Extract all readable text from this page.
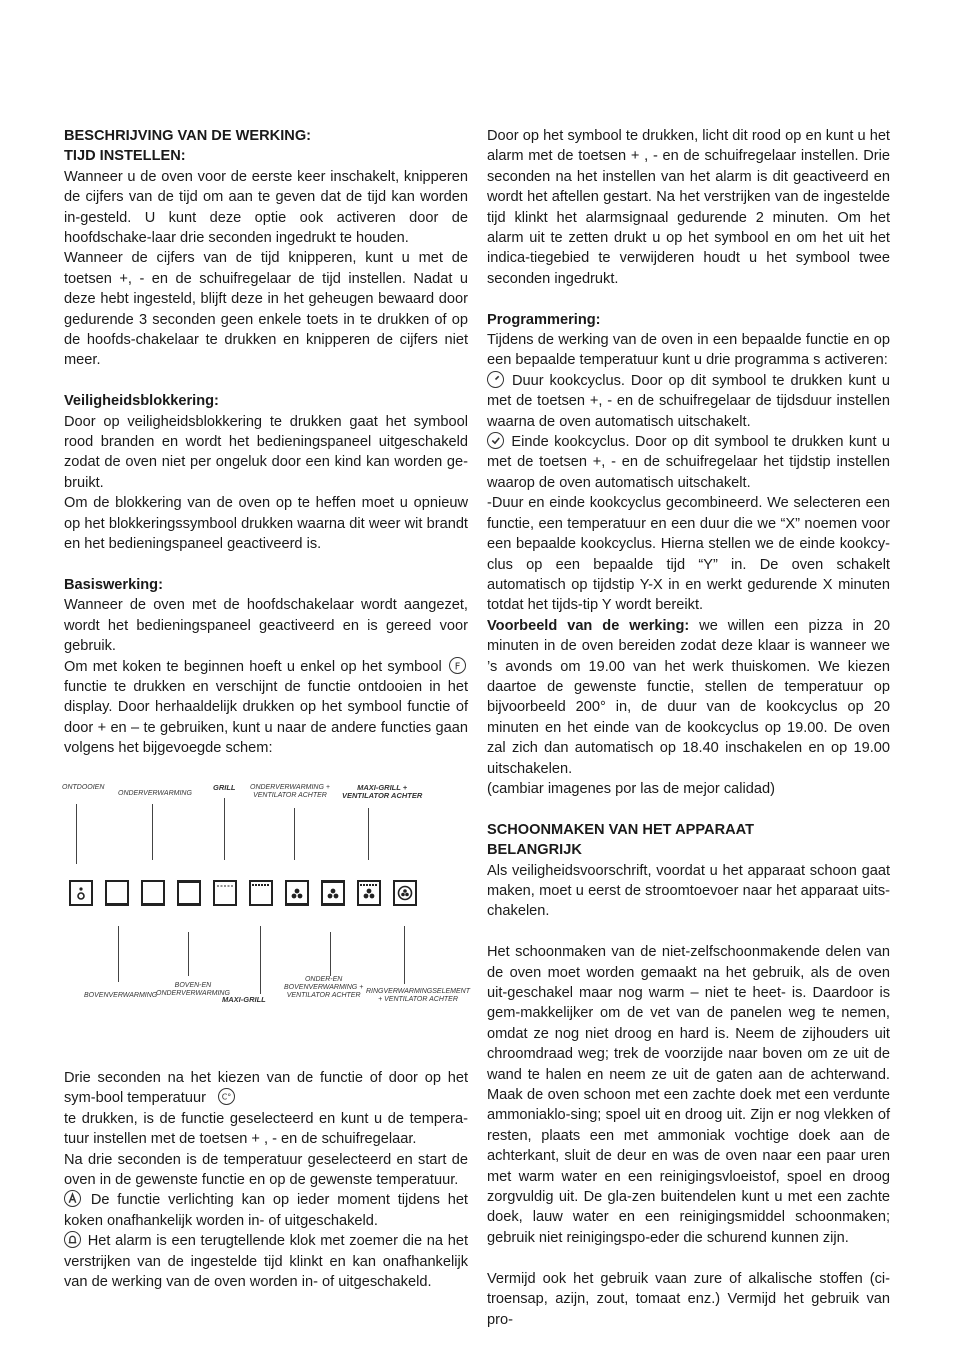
BESCHRIJVING VAN DE WERKING:

TIJD INSTELLEN:

Wanneer u de oven voor de eerste keer inschakelt, knipperen de cijfers van de tijd om aan te geven dat de tijd kan worden in-gesteld. U kunt deze optie ook activeren door de hoofdschake-laar drie seconden ingedrukt te houden.

Wanneer de cijfers van de tijd knipperen, kunt u met de toetsen +, - en de schuifregelaar de tijd instellen. Nadat u deze hebt ingesteld, blijft deze in het geheugen bewaard door gedurende 3 seconden geen enkele toets in te drukken of op de hoofds-chakelaar te drukken en knipperen de cijfers niet meer.

Veiligheidsblokkering:

Door op veiligheidsblokkering te drukken gaat het symbool rood branden en wordt het bedieningspaneel uitgeschakeld zodat de oven niet per ongeluk door een kind kan worden ge-bruikt.

Om de blokkering van de oven op te heffen moet u opnieuw op het blokkeringssymbool drukken waarna dit weer wit brandt en het bedieningspaneel geactiveerd is.

Basiswerking:

Wanneer de oven met de hoofdschakelaar wordt aangezet, wordt het bedieningspaneel geactiveerd en is gereed voor gebruik.

Om met koken te beginnen hoeft u enkel op het symbool F
functie te drukken en verschijnt de functie ontdooien in het display. Door herhaaldelijk drukken op het symbool functie of door + en – te gebruiken, kunt u naar de andere functies gaan volgens het bijgevoegde schem:

ONTDOOIEN
ONDERVERWARMING
GRILL ONDERVERWARMING +
VENTILATOR ACHTER
MAXI-GRILL +
VENTILATOR ACHTER
BOVENVERWARMING
BOVEN-EN
ONDERVERWARMING
MAXI-GRILL
ONDER-EN
BOVENVERWARMING +
VENTILATOR ACHTER
RINGVERWARMINGSELEMENT
+ VENTILATOR ACHTER

Drie seconden na het kiezen van de functie of door op het sym-bool temperatuur C°

te drukken, is de functie geselecteerd en kunt u de tempera-tuur instellen met de toetsen + , - en de schuifregelaar.

Na drie seconden is de temperatuur geselecteerd en start de oven in de gewenste functie en op de gewenste temperatuur.

De functie verlichting kan op ieder moment tijdens het koken onafhankelijk worden in- of uitgeschakeld.

Het alarm is een terugtellende klok met zoemer die na het verstrijken van de ingestelde tijd klinkt en kan onafhankelijk van de werking van de oven worden in- of uitgeschakeld.

Door op het symbool te drukken, licht dit rood op en kunt u het alarm met de toetsen + , - en de schuifregelaar instellen. Drie seconden na het instellen van het alarm is dit geactiveerd en wordt het aftellen gestart. Na het verstrijken van de ingestelde tijd klinkt het alarmsignaal gedurende 2 minuten. Om het alarm uit te zetten drukt u op het symbool en om het uit het indica-tiegebied te verwijderen houdt u het symbool twee seconden ingedrukt.

Programmering:

Tijdens de werking van de oven in een bepaalde functie en op een bepaalde temperatuur kunt u drie programma s activeren:

Duur kookcyclus. Door op dit symbool te drukken kunt u met de toetsen +, - en de schuifregelaar de tijdsduur instellen waarna de oven automatisch uitschakelt.

Einde kookcyclus. Door op dit symbool te drukken kunt u met de toetsen +, - en de schuifregelaar het tijdstip instellen waarop de oven automatisch uitschakelt.

-Duur en einde kookcyclus gecombineerd. We selecteren een functie, een temperatuur en een duur die we “X” noemen voor een bepaalde kookcyclus. Hierna stellen we de einde kookcy-clus op een bepaalde tijd “Y” in. De oven schakelt automatisch op tijdstip Y-X in en werkt gedurende X minuten totdat het tijds-tip Y wordt bereikt.

Voorbeeld van de werking: we willen een pizza in 20 minuten in de oven bereiden zodat deze klaar is wanneer we ’s avonds om 19.00 van het werk thuiskomen. We kiezen daartoe de gewenste functie, stellen de temperatuur op bijvoorbeeld 200° in, de duur van de kookcyclus op 20 minuten en het einde van de kookcyclus op 19.00. De oven zal zich dan automatisch op 18.40 inschakelen en op 19.00 uitschakelen.

(cambiar imagenes por las de mejor calidad)

SCHOONMAKEN VAN HET APPARAAT

BELANGRIJK

Als veiligheidsvoorschrift, voordat u het apparaat schoon gaat maken, moet u eerst de stroomtoevoer naar het apparaat uits-chakelen.

Het schoonmaken van de niet-zelfschoonmakende delen van de oven moet worden gemaakt na het gebruik, als de oven uit-geschakel maar nog warm – niet te heet- is. Daardoor is gem-makkelijker om de vet van de panelen weg te nemen, omdat ze nog niet droog en hard is. Neem de zijhouders uit chroomdraad weg; trek de voorzijde naar boven om ze uit de wand te halen en neem ze uit de gaten aan de achterwand. Maak de oven schoon met een zachte doek met een verdunte ammoniaklo-sing; spoel uit en droog uit. Zijn er nog vlekken of resten, plaats een met ammoniak vochtige doek aan de achterkant, sluit de deur en was de oven naar een paar uren met warm water en een reinigingsvloeistof, spoel en droog zorgvuldig uit. De gla-zen buitendelen kunt u met een zachte doek, lauw water en een reinigingsmiddel schoonmaken; gebruik niet reinigingspo-eder die schurend kunnen zijn.

Vermijd ook het gebruik vaan zure of alkalische stoffen (ci-troensap, azijn, zout, tomaat enz.) Vermijd het gebruik van pro-
